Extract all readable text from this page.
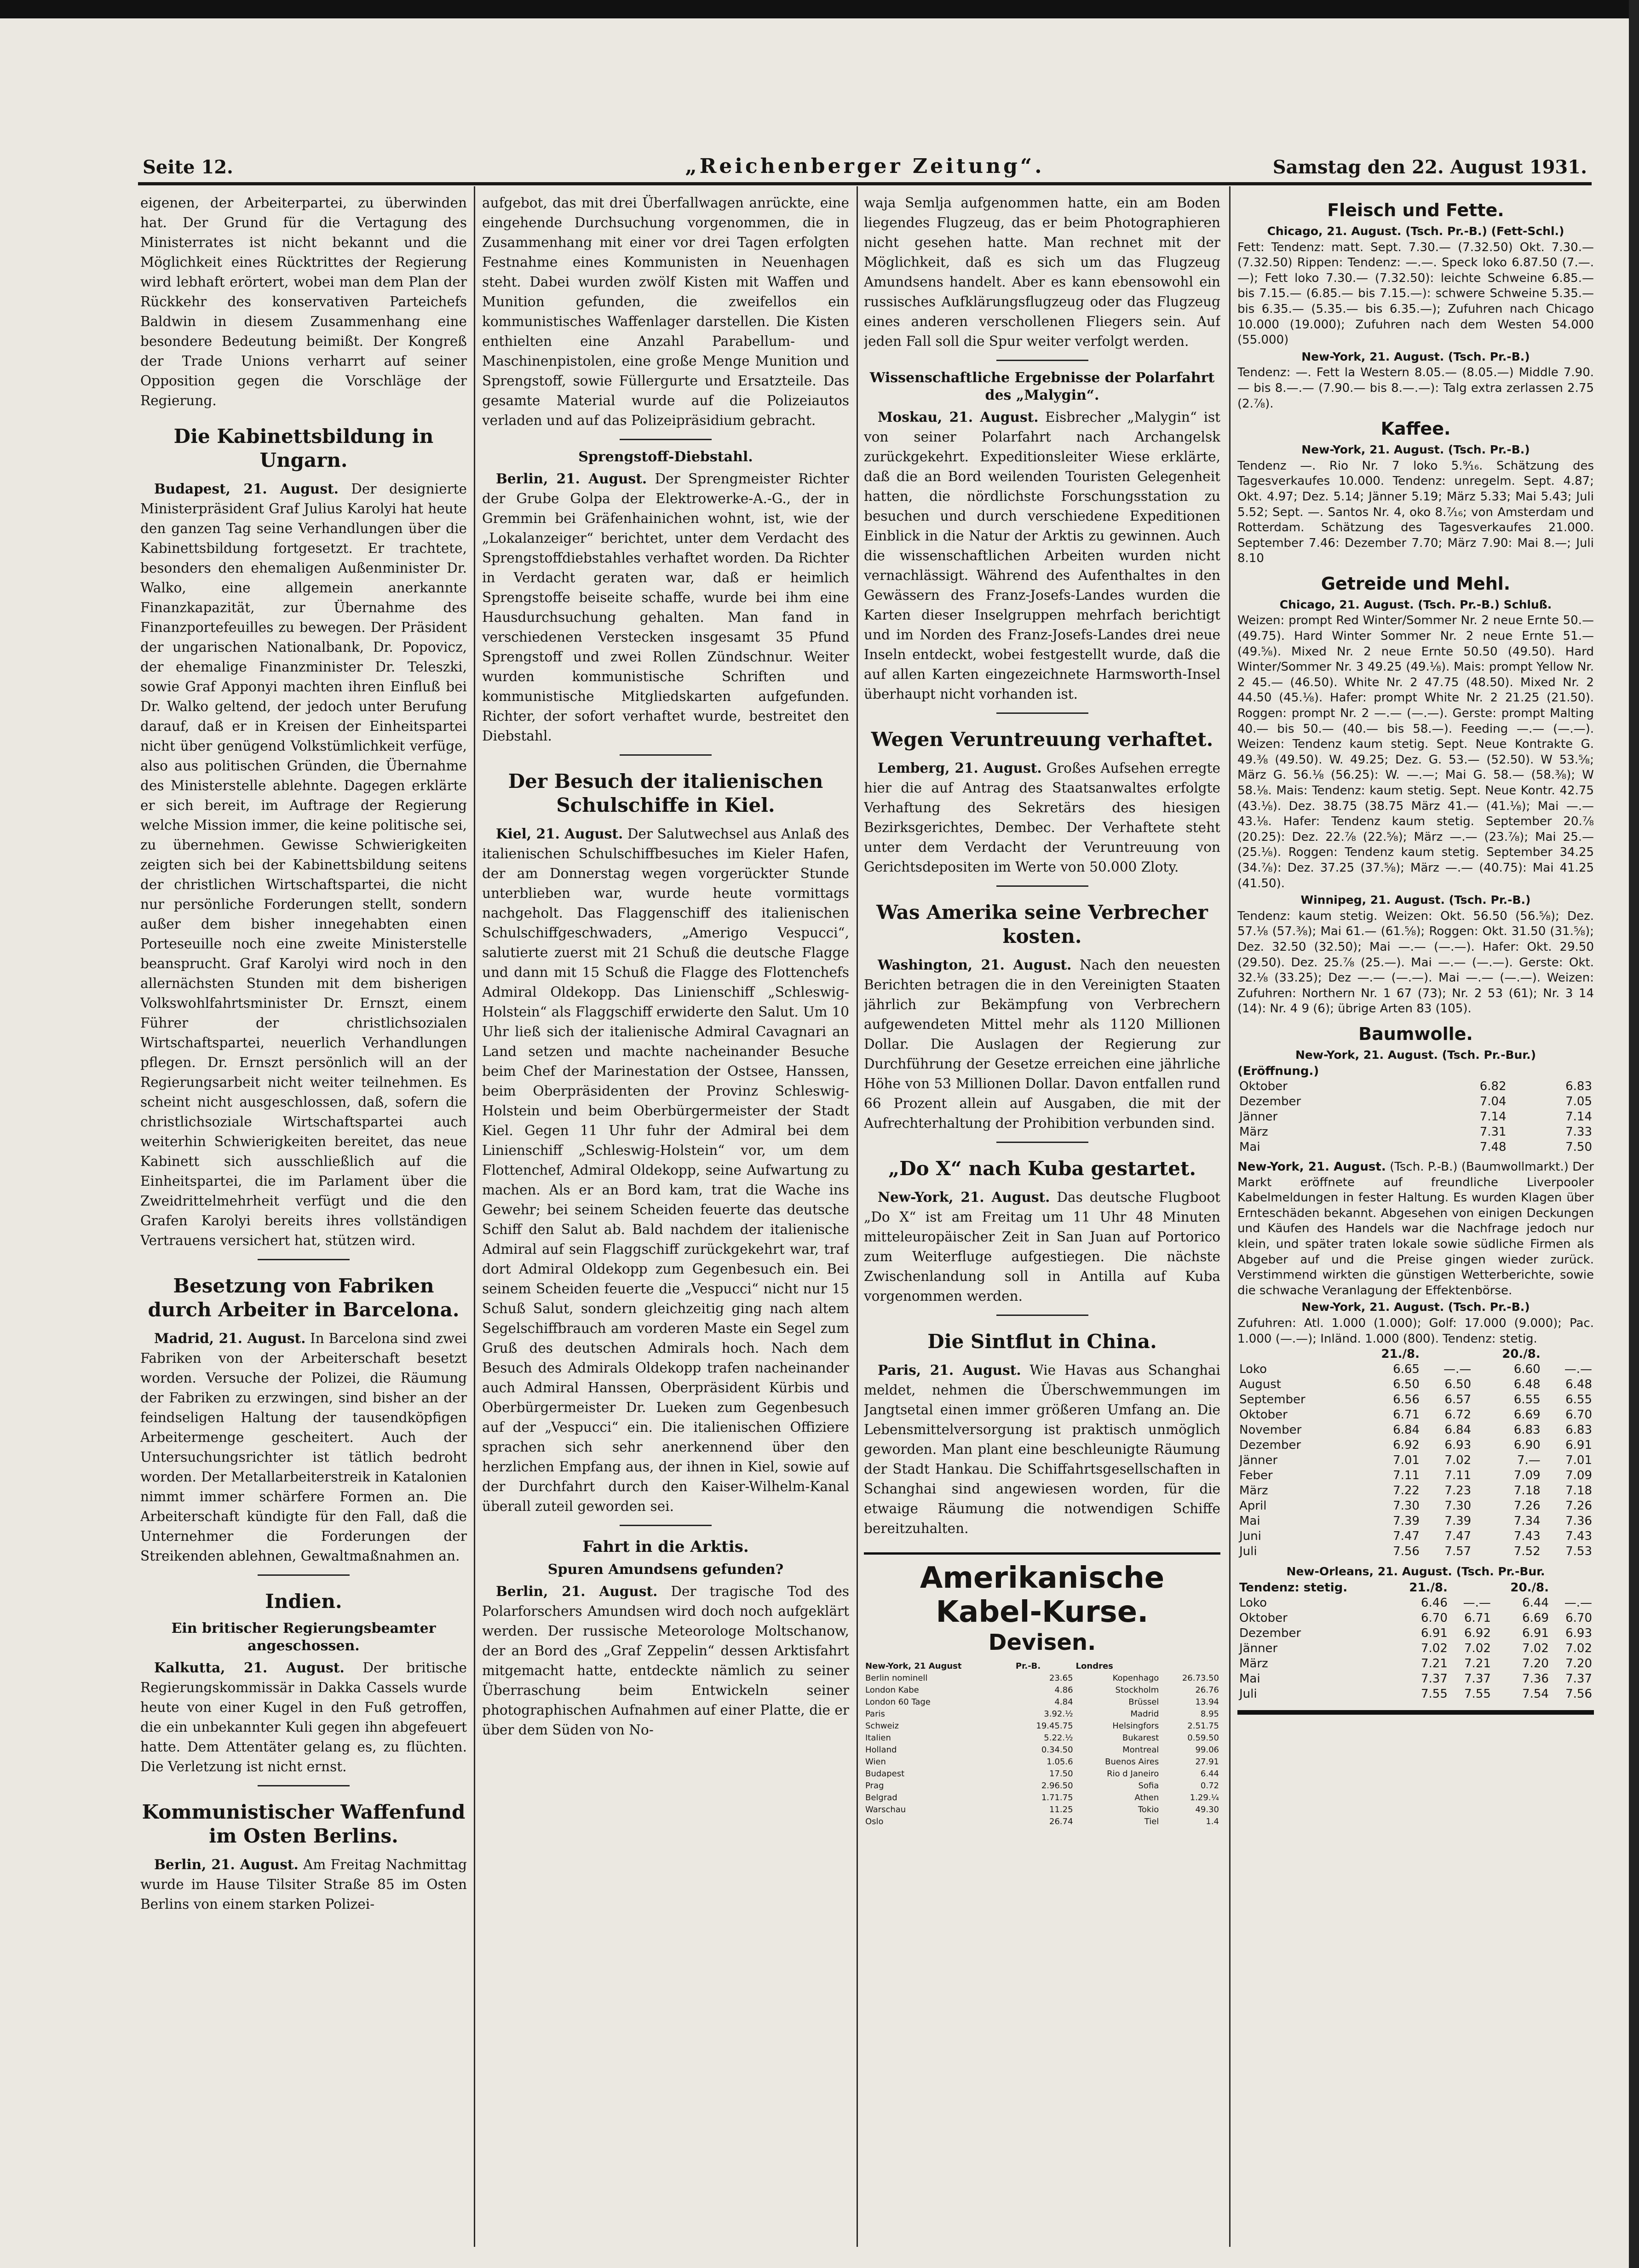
Seite 12.	„Reichenberger Zeitung“.	Samstag den 22. August 1931.

eigenen, der Arbeiterpartei, zu überwinden hat. Der Grund für die Vertagung des Ministerrates ist nicht bekannt und die Möglichkeit eines Rücktrittes der Regierung wird lebhaft erörtert, wobei man dem Plan der Rückkehr des konservativen Parteichefs Baldwin in diesem Zusammenhang eine besondere Bedeutung beimißt. Der Kongreß der Trade Unions verharrt auf seiner Opposition gegen die Vorschläge der Regierung.

Die Kabinettsbildung in Ungarn.

Budapest, 21. August. Der designierte Ministerpräsident Graf Julius Karolyi hat heute den ganzen Tag seine Verhandlungen über die Kabinettsbildung fortgesetzt. Er trachtete, besonders den ehemaligen Außenminister Dr. Walko, eine allgemein anerkannte Finanzkapazität, zur Übernahme des Finanzportefeuilles zu bewegen. Der Präsident der ungarischen Nationalbank, Dr. Popovicz, der ehemalige Finanzminister Dr. Teleszki, sowie Graf Apponyi machten ihren Einfluß bei Dr. Walko geltend, der jedoch unter Berufung darauf, daß er in Kreisen der Einheitspartei nicht über genügend Volkstümlichkeit verfüge, also aus politischen Gründen, die Übernahme des Ministerstelle ablehnte. Dagegen erklärte er sich bereit, im Auftrage der Regierung welche Mission immer, die keine politische sei, zu übernehmen. Gewisse Schwierigkeiten zeigten sich bei der Kabinettsbildung seitens der christlichen Wirtschaftspartei, die nicht nur persönliche Forderungen stellt, sondern außer dem bisher innegehabten einen Porteseuille noch eine zweite Ministerstelle beansprucht. Graf Karolyi wird noch in den allernächsten Stunden mit dem bisherigen Volkswohlfahrtsminister Dr. Ernszt, einem Führer der christlichsozialen Wirtschaftspartei, neuerlich Verhandlungen pflegen. Dr. Ernszt persönlich will an der Regierungsarbeit nicht weiter teilnehmen. Es scheint nicht ausgeschlossen, daß, sofern die christlichsoziale Wirtschaftspartei auch weiterhin Schwierigkeiten bereitet, das neue Kabinett sich ausschließlich auf die Einheitspartei, die im Parlament über die Zweidrittelmehrheit verfügt und die den Grafen Karolyi bereits ihres vollständigen Vertrauens versichert hat, stützen wird.

Besetzung von Fabriken durch Arbeiter in Barcelona.

Madrid, 21. August. In Barcelona sind zwei Fabriken von der Arbeiterschaft besetzt worden. Versuche der Polizei, die Räumung der Fabriken zu erzwingen, sind bisher an der feindseligen Haltung der tausendköpfigen Arbeitermenge gescheitert. Auch der Untersuchungsrichter ist tätlich bedroht worden. Der Metallarbeiterstreik in Katalonien nimmt immer schärfere Formen an. Die Arbeiterschaft kündigte für den Fall, daß die Unternehmer die Forderungen der Streikenden ablehnen, Gewaltmaßnahmen an.

Indien.
Ein britischer Regierungsbeamter angeschossen.

Kalkutta, 21. August. Der britische Regierungskommissär in Dakka Cassels wurde heute von einer Kugel in den Fuß getroffen, die ein unbekannter Kuli gegen ihn abgefeuert hatte. Dem Attentäter gelang es, zu flüchten. Die Verletzung ist nicht ernst.

Kommunistischer Waffenfund im Osten Berlins.

Berlin, 21. August. Am Freitag Nachmittag wurde im Hause Tilsiter Straße 85 im Osten Berlins von einem starken Polizei-

aufgebot, das mit drei Überfallwagen anrückte, eine eingehende Durchsuchung vorgenommen, die in Zusammenhang mit einer vor drei Tagen erfolgten Festnahme eines Kommunisten in Neuenhagen steht. Dabei wurden zwölf Kisten mit Waffen und Munition gefunden, die zweifellos ein kommunistisches Waffenlager darstellen. Die Kisten enthielten eine Anzahl Parabellum- und Maschinenpistolen, eine große Menge Munition und Sprengstoff, sowie Füllergurte und Ersatzteile. Das gesamte Material wurde auf die Polizeiautos verladen und auf das Polizeipräsidium gebracht.

Sprengstoff-Diebstahl.

Berlin, 21. August. Der Sprengmeister Richter der Grube Golpa der Elektrowerke-A.-G., der in Gremmin bei Gräfenhainichen wohnt, ist, wie der „Lokalanzeiger“ berichtet, unter dem Verdacht des Sprengstoffdiebstahles verhaftet worden. Da Richter in Verdacht geraten war, daß er heimlich Sprengstoffe beiseite schaffe, wurde bei ihm eine Hausdurchsuchung gehalten. Man fand in verschiedenen Verstecken insgesamt 35 Pfund Sprengstoff und zwei Rollen Zündschnur. Weiter wurden kommunistische Schriften und kommunistische Mitgliedskarten aufgefunden. Richter, der sofort verhaftet wurde, bestreitet den Diebstahl.

Der Besuch der italienischen Schulschiffe in Kiel.

Kiel, 21. August. Der Salutwechsel aus Anlaß des italienischen Schulschiffbesuches im Kieler Hafen, der am Donnerstag wegen vorgerückter Stunde unterblieben war, wurde heute vormittags nachgeholt. Das Flaggenschiff des italienischen Schulschiffgeschwaders, „Amerigo Vespucci“, salutierte zuerst mit 21 Schuß die deutsche Flagge und dann mit 15 Schuß die Flagge des Flottenchefs Admiral Oldekopp. Das Linienschiff „Schleswig-Holstein“ als Flaggschiff erwiderte den Salut. Um 10 Uhr ließ sich der italienische Admiral Cavagnari an Land setzen und machte nacheinander Besuche beim Chef der Marinestation der Ostsee, Hanssen, beim Oberpräsidenten der Provinz Schleswig-Holstein und beim Oberbürgermeister der Stadt Kiel. Gegen 11 Uhr fuhr der Admiral bei dem Linienschiff „Schleswig-Holstein“ vor, um dem Flottenchef, Admiral Oldekopp, seine Aufwartung zu machen. Als er an Bord kam, trat die Wache ins Gewehr; bei seinem Scheiden feuerte das deutsche Schiff den Salut ab. Bald nachdem der italienische Admiral auf sein Flaggschiff zurückgekehrt war, traf dort Admiral Oldekopp zum Gegenbesuch ein. Bei seinem Scheiden feuerte die „Vespucci“ nicht nur 15 Schuß Salut, sondern gleichzeitig ging nach altem Segelschiffbrauch am vorderen Maste ein Segel zum Gruß des deutschen Admirals hoch. Nach dem Besuch des Admirals Oldekopp trafen nacheinander auch Admiral Hanssen, Oberpräsident Kürbis und Oberbürgermeister Dr. Lueken zum Gegenbesuch auf der „Vespucci“ ein. Die italienischen Offiziere sprachen sich sehr anerkennend über den herzlichen Empfang aus, der ihnen in Kiel, sowie auf der Durchfahrt durch den Kaiser-Wilhelm-Kanal überall zuteil geworden sei.

Fahrt in die Arktis.
Spuren Amundsens gefunden?

Berlin, 21. August. Der tragische Tod des Polarforschers Amundsen wird doch noch aufgeklärt werden. Der russische Meteorologe Moltschanow, der an Bord des „Graf Zeppelin“ dessen Arktisfahrt mitgemacht hatte, entdeckte nämlich zu seiner Überraschung beim Entwickeln seiner photographischen Aufnahmen auf einer Platte, die er über dem Süden von No-

waja Semlja aufgenommen hatte, ein am Boden liegendes Flugzeug, das er beim Photographieren nicht gesehen hatte. Man rechnet mit der Möglichkeit, daß es sich um das Flugzeug Amundsens handelt. Aber es kann ebensowohl ein russisches Aufklärungsflugzeug oder das Flugzeug eines anderen verschollenen Fliegers sein. Auf jeden Fall soll die Spur weiter verfolgt werden.

Wissenschaftliche Ergebnisse der Polarfahrt des „Malygin“.

Moskau, 21. August. Eisbrecher „Malygin“ ist von seiner Polarfahrt nach Archangelsk zurückgekehrt. Expeditionsleiter Wiese erklärte, daß die an Bord weilenden Touristen Gelegenheit hatten, die nördlichste Forschungsstation zu besuchen und durch verschiedene Expeditionen Einblick in die Natur der Arktis zu gewinnen. Auch die wissenschaftlichen Arbeiten wurden nicht vernachlässigt. Während des Aufenthaltes in den Gewässern des Franz-Josefs-Landes wurden die Karten dieser Inselgruppen mehrfach berichtigt und im Norden des Franz-Josefs-Landes drei neue Inseln entdeckt, wobei festgestellt wurde, daß die auf allen Karten eingezeichnete Harmsworth-Insel überhaupt nicht vorhanden ist.

Wegen Veruntreuung verhaftet.

Lemberg, 21. August. Großes Aufsehen erregte hier die auf Antrag des Staatsanwaltes erfolgte Verhaftung des Sekretärs des hiesigen Bezirksgerichtes, Dembec. Der Verhaftete steht unter dem Verdacht der Veruntreuung von Gerichtsdepositen im Werte von 50.000 Zloty.

Was Amerika seine Verbrecher kosten.

Washington, 21. August. Nach den neuesten Berichten betragen die in den Vereinigten Staaten jährlich zur Bekämpfung von Verbrechern aufgewendeten Mittel mehr als 1120 Millionen Dollar. Die Auslagen der Regierung zur Durchführung der Gesetze erreichen eine jährliche Höhe von 53 Millionen Dollar. Davon entfallen rund 66 Prozent allein auf Ausgaben, die mit der Aufrechterhaltung der Prohibition verbunden sind.

„Do X“ nach Kuba gestartet.

New-York, 21. August. Das deutsche Flugboot „Do X“ ist am Freitag um 11 Uhr 48 Minuten mitteleuropäischer Zeit in San Juan auf Portorico zum Weiterfluge aufgestiegen. Die nächste Zwischenlandung soll in Antilla auf Kuba vorgenommen werden.

Die Sintflut in China.

Paris, 21. August. Wie Havas aus Schanghai meldet, nehmen die Überschwemmungen im Jangtsetal einen immer größeren Umfang an. Die Lebensmittelversorgung ist praktisch unmöglich geworden. Man plant eine beschleunigte Räumung der Stadt Hankau. Die Schiffahrtsgesellschaften in Schanghai sind angewiesen worden, für die etwaige Räumung die notwendigen Schiffe bereitzuhalten.

Amerikanische Kabel-Kurse.
Devisen.
New-York, 21 August	Pr.-B.	Londres	
Berlin nominell	23.65	Kopenhago	26.73.50
London Kabe	4.86	Stockholm	26.76
London 60 Tage	4.84	Brüssel	13.94
Paris	3.92.½	Madrid	8.95
Schweiz	19.45.75	Helsingfors	2.51.75
Italien	5.22.½	Bukarest	0.59.50
Holland	0.34.50	Montreal	99.06
Wien	1.05.6	Buenos Aires	27.91
Budapest	17.50	Rio d Janeiro	6.44
Prag	2.96.50	Sofia	0.72
Belgrad	1.71.75	Athen	1.29.¼
Warschau	11.25	Tokio	49.30
Oslo	26.74	Tiel	1.4
Fleisch und Fette.
Chicago, 21. August. (Tsch. Pr.-B.) (Fett-Schl.)

Fett: Tendenz: matt. Sept. 7.30.— (7.32.50) Okt. 7.30.— (7.32.50) Rippen: Tendenz: —.—. Speck loko 6.87.50 (7.—.—); Fett loko 7.30.— (7.32.50): leichte Schweine 6.85.— bis 7.15.— (6.85.— bis 7.15.—): schwere Schweine 5.35.— bis 6.35.— (5.35.— bis 6.35.—); Zufuhren nach Chicago 10.000 (19.000); Zufuhren nach dem Westen 54.000 (55.000)

New-York, 21. August. (Tsch. Pr.-B.)

Tendenz: —. Fett la Western 8.05.— (8.05.—) Middle 7.90.— bis 8.—.— (7.90.— bis 8.—.—): Talg extra zerlassen 2.75 (2.⅞).

Kaffee.
New-York, 21. August. (Tsch. Pr.-B.)

Tendenz —. Rio Nr. 7 loko 5.⁹⁄₁₆. Schätzung des Tagesverkaufes 10.000. Tendenz: unregelm. Sept. 4.87; Okt. 4.97; Dez. 5.14; Jänner 5.19; März 5.33; Mai 5.43; Juli 5.52; Sept. —. Santos Nr. 4, oko 8.⁷⁄₁₆; von Amsterdam und Rotterdam. Schätzung des Tagesverkaufes 21.000. September 7.46: Dezember 7.70; März 7.90: Mai 8.—; Juli 8.10

Getreide und Mehl.
Chicago, 21. August. (Tsch. Pr.-B.) Schluß.

Weizen: prompt Red Winter/Sommer Nr. 2 neue Ernte 50.— (49.75). Hard Winter Sommer Nr. 2 neue Ernte 51.— (49.⁵⁄₈). Mixed Nr. 2 neue Ernte 50.50 (49.50). Hard Winter/Sommer Nr. 3 49.25 (49.⅛). Mais: prompt Yellow Nr. 2 45.— (46.50). White Nr. 2 47.75 (48.50). Mixed Nr. 2 44.50 (45.⅛). Hafer: prompt White Nr. 2 21.25 (21.50). Roggen: prompt Nr. 2 —.— (—.—). Gerste: prompt Malting 40.— bis 50.— (40.— bis 58.—). Feeding —.— (—.—). Weizen: Tendenz kaum stetig. Sept. Neue Kontrakte G. 49.⅜ (49.50). W. 49.25; Dez. G. 53.— (52.50). W 53.⁵⁄₈; März G. 56.⅛ (56.25): W. —.—; Mai G. 58.— (58.⅜); W 58.⅛. Mais: Tendenz: kaum stetig. Sept. Neue Kontr. 42.75 (43.⅛). Dez. 38.75 (38.75 März 41.— (41.⅛); Mai —.— 43.⅛. Hafer: Tendenz kaum stetig. September 20.⅞ (20.25): Dez. 22.⅞ (22.⅝); März —.— (23.⅞); Mai 25.— (25.⅛). Roggen: Tendenz kaum stetig. September 34.25 (34.⅞): Dez. 37.25 (37.⅝); März —.— (40.75): Mai 41.25 (41.50).

Winnipeg, 21. August. (Tsch. Pr.-B.)

Tendenz: kaum stetig. Weizen: Okt. 56.50 (56.⅝); Dez. 57.⅛ (57.⅜); Mai 61.— (61.⅝); Roggen: Okt. 31.50 (31.⅝); Dez. 32.50 (32.50); Mai —.— (—.—). Hafer: Okt. 29.50 (29.50). Dez. 25.⅞ (25.—). Mai —.— (—.—). Gerste: Okt. 32.⅛ (33.25); Dez —.— (—.—). Mai —.— (—.—). Weizen: Zufuhren: Northern Nr. 1 67 (73); Nr. 2 53 (61); Nr. 3 14 (14): Nr. 4 9 (6); übrige Arten 83 (105).

Baumwolle.
New-York, 21. August. (Tsch. Pr.-Bur.)
(Eröffnung.)
Oktober	6.82	6.83
Dezember	7.04	7.05
Jänner	7.14	7.14
März	7.31	7.33
Mai	7.48	7.50

New-York, 21. August. (Tsch. P.-B.) (Baumwollmarkt.) Der Markt eröffnete auf freundliche Liverpooler Kabelmeldungen in fester Haltung. Es wurden Klagen über Ernteschäden bekannt. Abgesehen von einigen Deckungen und Käufen des Handels war die Nachfrage jedoch nur klein, und später traten lokale sowie südliche Firmen als Abgeber auf und die Preise gingen wieder zurück. Verstimmend wirkten die günstigen Wetterberichte, sowie die schwache Veranlagung der Effektenbörse.

New-York, 21. August. (Tsch. Pr.-B.)

Zufuhren: Atl. 1.000 (1.000); Golf: 17.000 (9.000); Pac. 1.000 (—.—); Inländ. 1.000 (800). Tendenz: stetig.

	21./8.		20./8.	
Loko	6.65	—.—	6.60	—.—
August	6.50	6.50	6.48	6.48
September	6.56	6.57	6.55	6.55
Oktober	6.71	6.72	6.69	6.70
November	6.84	6.84	6.83	6.83
Dezember	6.92	6.93	6.90	6.91
Jänner	7.01	7.02	7.—	7.01
Feber	7.11	7.11	7.09	7.09
März	7.22	7.23	7.18	7.18
April	7.30	7.30	7.26	7.26
Mai	7.39	7.39	7.34	7.36
Juni	7.47	7.47	7.43	7.43
Juli	7.56	7.57	7.52	7.53
New-Orleans, 21. August. (Tsch. Pr.-Bur.
Tendenz: stetig.	21./8.		20./8.	
Loko	6.46	—.—	6.44	—.—
Oktober	6.70	6.71	6.69	6.70
Dezember	6.91	6.92	6.91	6.93
Jänner	7.02	7.02	7.02	7.02
März	7.21	7.21	7.20	7.20
Mai	7.37	7.37	7.36	7.37
Juli	7.55	7.55	7.54	7.56
